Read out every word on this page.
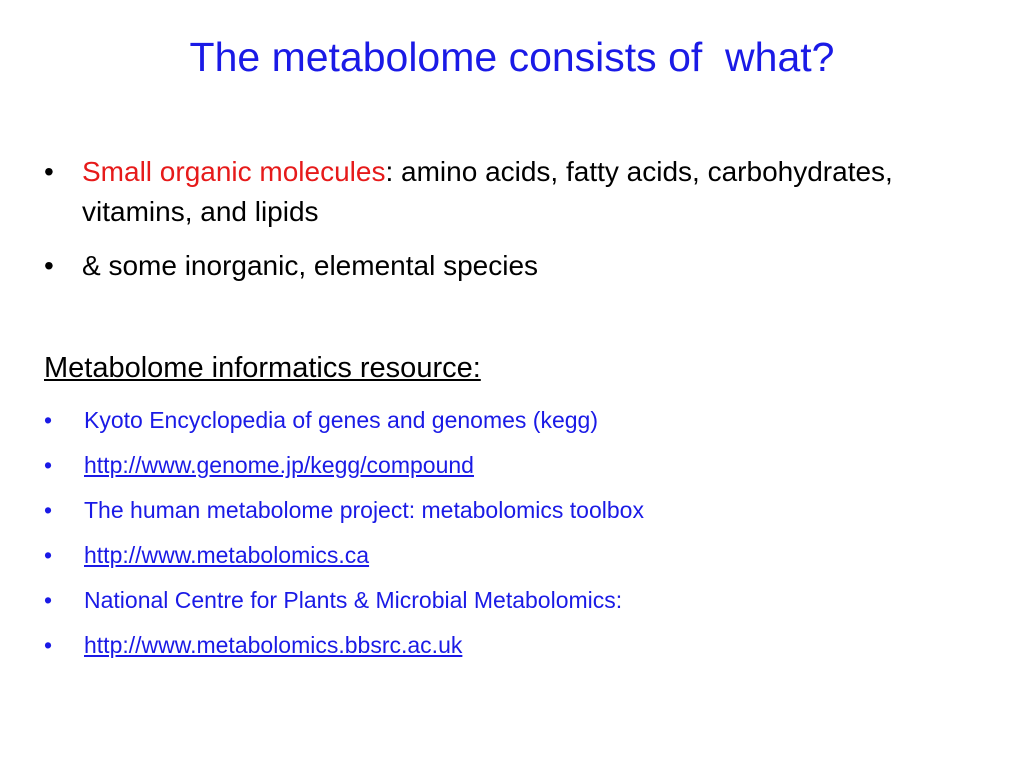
The metabolome consists of  what?
• Small organic molecules: amino acids, fatty acids, carbohydrates, vitamins, and lipids
• & some inorganic, elemental species
Metabolome informatics resource:
• Kyoto Encyclopedia of genes and genomes (kegg)
• http://www.genome.jp/kegg/compound
• The human metabolome project: metabolomics toolbox
• http://www.metabolomics.ca
• National Centre for Plants & Microbial Metabolomics:
• http://www.metabolomics.bbsrc.ac.uk
